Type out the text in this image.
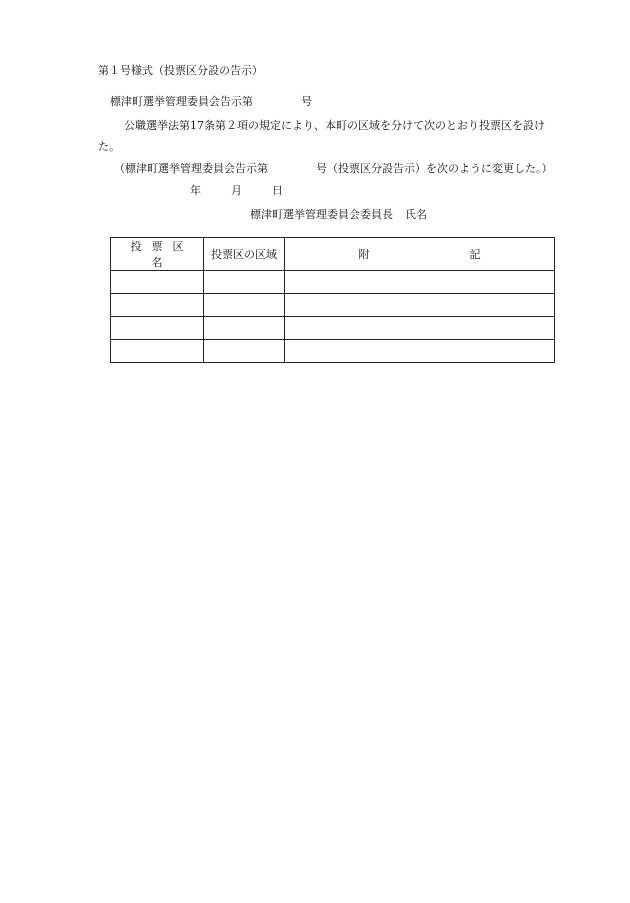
第１号様式（投票区分設の告示）
標津町選挙管理委員会告示第	号
公職選挙法第17条第２項の規定により、本町の区域を分けて次のとおり投票区を設け
た。
（標津町選挙管理委員会告示第	号（投票区分設告示）を次のように変更した。）
年	月	日
標津町選挙管理委員会委員長 氏名
投票区名	投票区の区域	附 記
